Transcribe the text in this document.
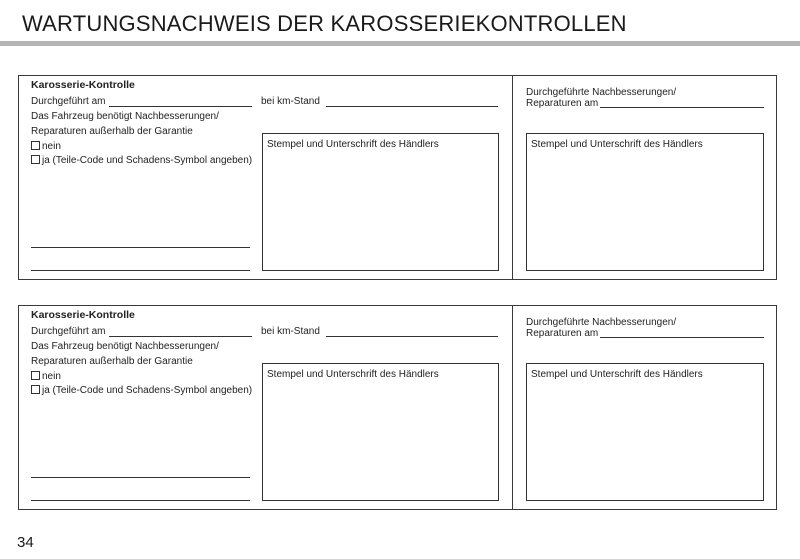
WARTUNGSNACHWEIS DER KAROSSERIEKONTROLLEN
Karosserie-Kontrolle
Durchgeführt am	bei km-Stand
Das Fahrzeug benötigt Nachbesserungen/
Reparaturen außerhalb der Garantie
nein
ja (Teile-Code und Schadens-Symbol angeben)
Stempel und Unterschrift des Händlers
Durchgeführte Nachbesserungen/
Reparaturen am
Stempel und Unterschrift des Händlers
Karosserie-Kontrolle
Durchgeführt am	bei km-Stand
Das Fahrzeug benötigt Nachbesserungen/
Reparaturen außerhalb der Garantie
nein
ja (Teile-Code und Schadens-Symbol angeben)
Stempel und Unterschrift des Händlers
Durchgeführte Nachbesserungen/
Reparaturen am
Stempel und Unterschrift des Händlers
34
